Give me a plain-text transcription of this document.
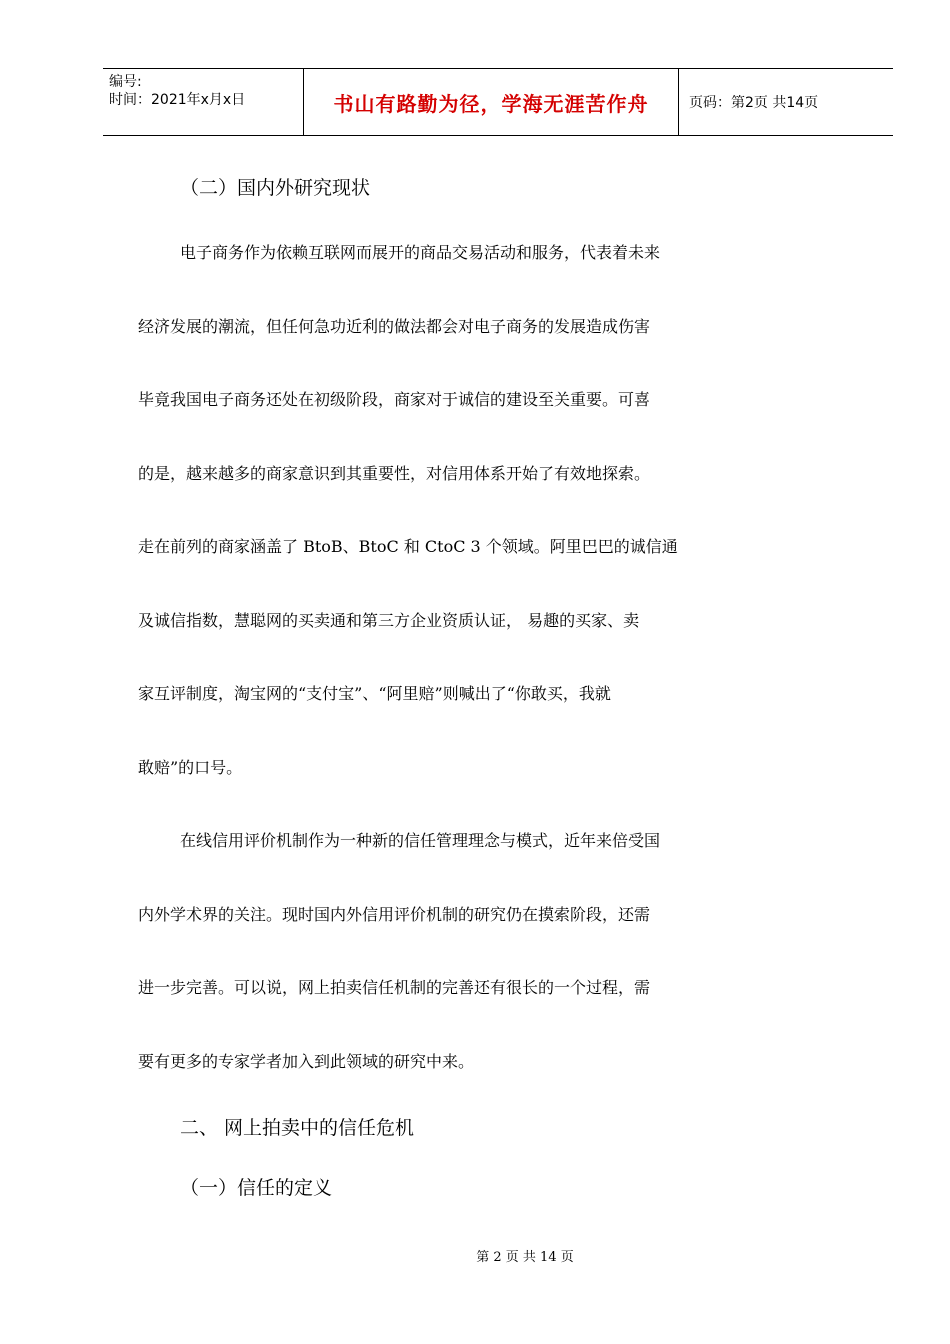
编号:
时间：2021年x月x日	书山有路勤为径，学海无涯苦作舟	页码：第2页 共14页
（二）国内外研究现状
电子商务作为依赖互联网而展开的商品交易活动和服务，代表着未来
经济发展的潮流，但任何急功近利的做法都会对电子商务的发展造成伤害
毕竟我国电子商务还处在初级阶段，商家对于诚信的建设至关重要。可喜
的是，越来越多的商家意识到其重要性，对信用体系开始了有效地探索。
走在前列的商家涵盖了 BtoB、BtoC 和 CtoC 3 个领域。阿里巴巴的诚信通
及诚信指数，慧聪网的买卖通和第三方企业资质认证， 易趣的买家、卖
家互评制度，淘宝网的“支付宝”、“阿里赔”则喊出了“你敢买，我就
敢赔”的口号。
在线信用评价机制作为一种新的信任管理理念与模式，近年来倍受国
内外学术界的关注。现时国内外信用评价机制的研究仍在摸索阶段，还需
进一步完善。可以说，网上拍卖信任机制的完善还有很长的一个过程，需
要有更多的专家学者加入到此领域的研究中来。
二、 网上拍卖中的信任危机
（一）信任的定义
第 2 页 共 14 页
